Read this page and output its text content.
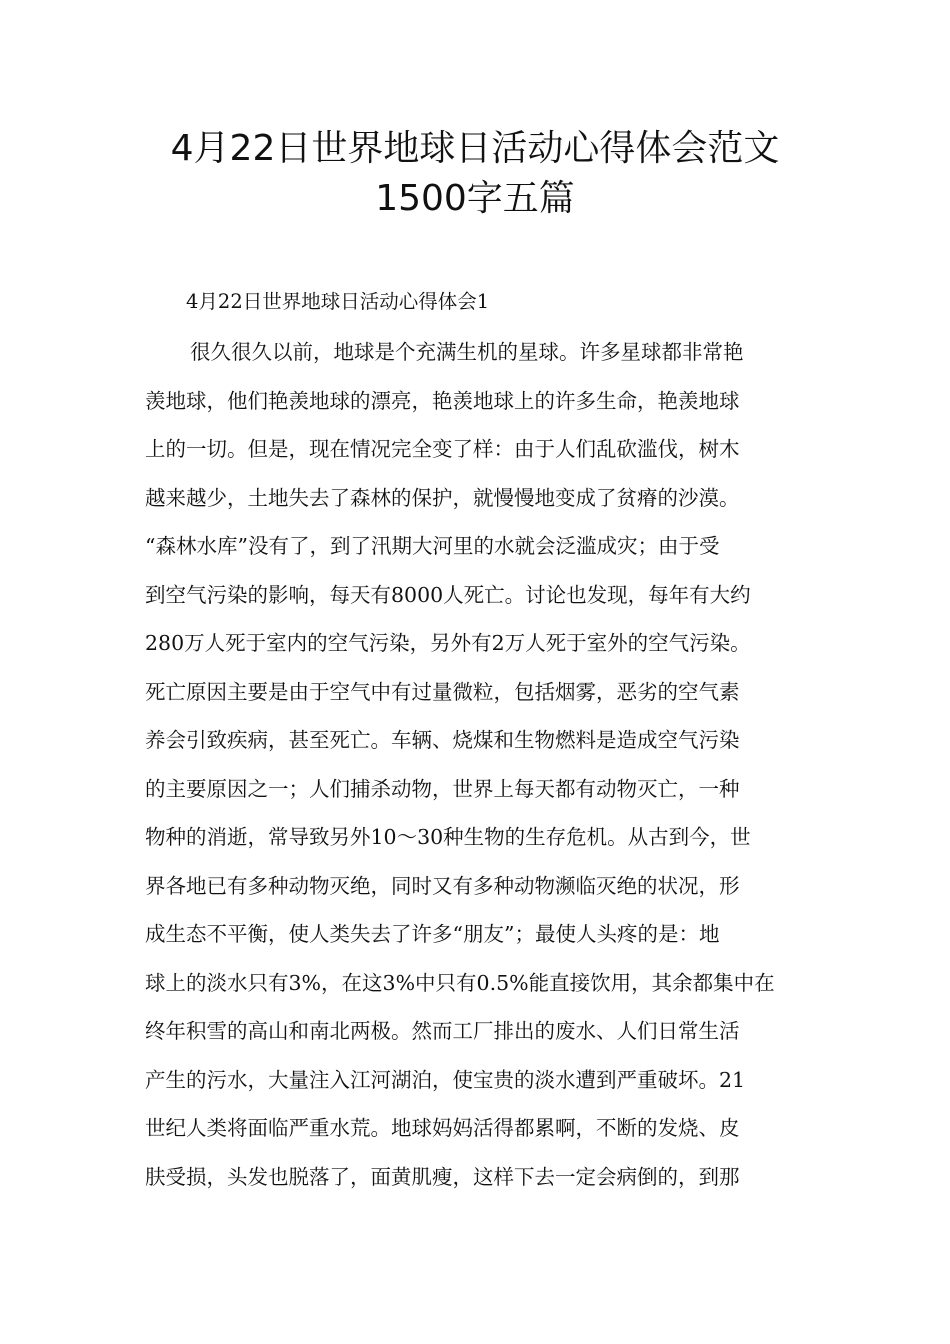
4月22日世界地球日活动心得体会范文
1500字五篇

4月22日世界地球日活动心得体会1

很久很久以前，地球是个充满生机的星球。许多星球都非常艳
羡地球，他们艳羡地球的漂亮，艳羡地球上的许多生命，艳羡地球
上的一切。但是，现在情况完全变了样：由于人们乱砍滥伐，树木
越来越少，土地失去了森林的保护，就慢慢地变成了贫瘠的沙漠。
“森林水库”没有了，到了汛期大河里的水就会泛滥成灾；由于受
到空气污染的影响，每天有8000人死亡。讨论也发现，每年有大约
280万人死于室内的空气污染，另外有2万人死于室外的空气污染。
死亡原因主要是由于空气中有过量微粒，包括烟雾，恶劣的空气素
养会引致疾病，甚至死亡。车辆、烧煤和生物燃料是造成空气污染
的主要原因之一；人们捕杀动物，世界上每天都有动物灭亡，一种
物种的消逝，常导致另外10～30种生物的生存危机。从古到今，世
界各地已有多种动物灭绝，同时又有多种动物濒临灭绝的状况，形
成生态不平衡，使人类失去了许多“朋友”；最使人头疼的是：地
球上的淡水只有3%，在这3%中只有0.5%能直接饮用，其余都集中在
终年积雪的高山和南北两极。然而工厂排出的废水、人们日常生活
产生的污水，大量注入江河湖泊，使宝贵的淡水遭到严重破坏。21
世纪人类将面临严重水荒。地球妈妈活得都累啊，不断的发烧、皮
肤受损，头发也脱落了，面黄肌瘦，这样下去一定会病倒的，到那
